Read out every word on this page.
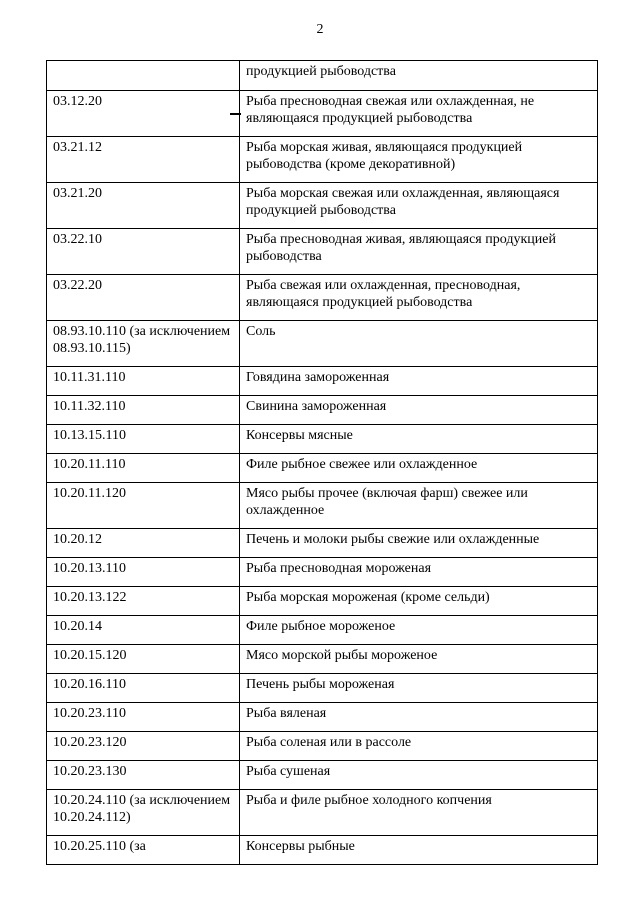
2
	продукцией рыбоводства
03.12.20	Рыба пресноводная свежая или охлажденная, не являющаяся продукцией рыбоводства
03.21.12	Рыба морская живая, являющаяся продукцией рыбоводства (кроме декоративной)
03.21.20	Рыба морская свежая или охлажденная, являющаяся продукцией рыбоводства
03.22.10	Рыба пресноводная живая, являющаяся продукцией рыбоводства
03.22.20	Рыба свежая или охлажденная, пресноводная, являющаяся продукцией рыбоводства
08.93.10.110 (за исключением 08.93.10.115)	Соль
10.11.31.110	Говядина замороженная
10.11.32.110	Свинина замороженная
10.13.15.110	Консервы мясные
10.20.11.110	Филе рыбное свежее или охлажденное
10.20.11.120	Мясо рыбы прочее (включая фарш) свежее или охлажденное
10.20.12	Печень и молоки рыбы свежие или охлажденные
10.20.13.110	Рыба пресноводная мороженая
10.20.13.122	Рыба морская мороженая (кроме сельди)
10.20.14	Филе рыбное мороженое
10.20.15.120	Мясо морской рыбы мороженое
10.20.16.110	Печень рыбы мороженая
10.20.23.110	Рыба вяленая
10.20.23.120	Рыба соленая или в рассоле
10.20.23.130	Рыба сушеная
10.20.24.110 (за исключением 10.20.24.112)	Рыба и филе рыбное холодного копчения
10.20.25.110 (за	Консервы рыбные
